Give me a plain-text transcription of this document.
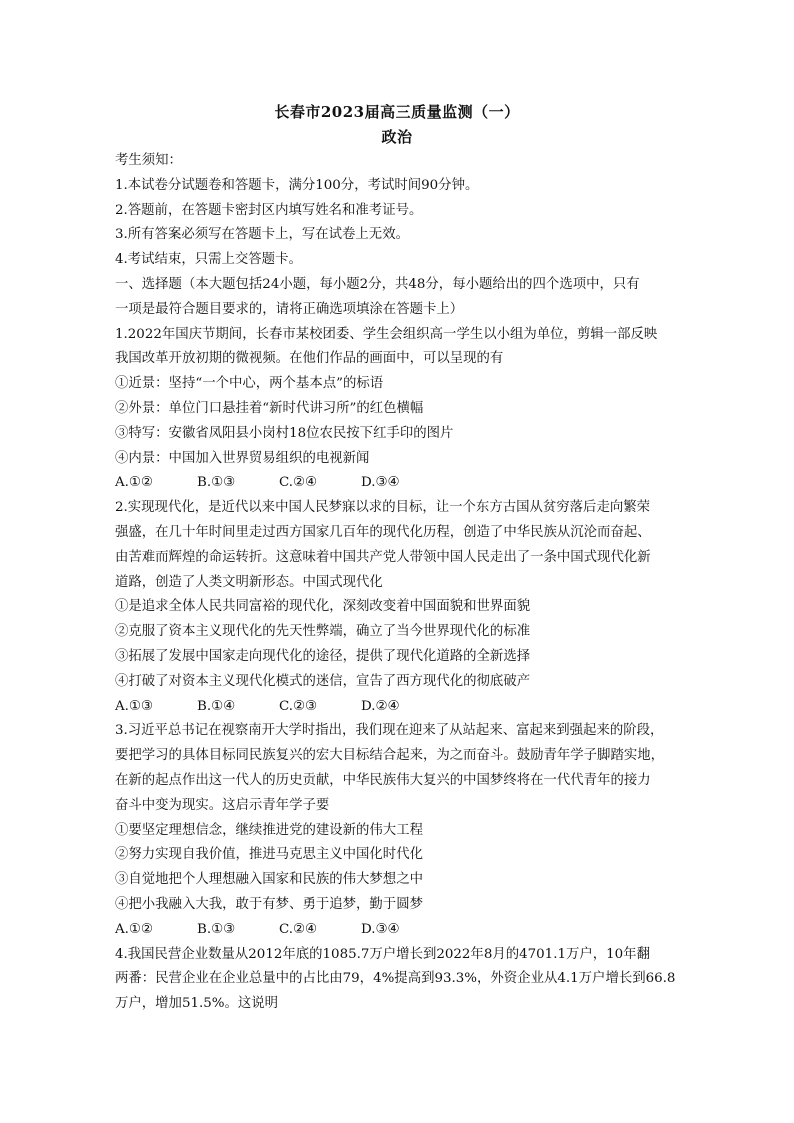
长春市2023届高三质量监测（一）
政治
考生须知：
1.本试卷分试题卷和答题卡，满分100分，考试时间90分钟。
2.答题前，在答题卡密封区内填写姓名和准考证号。
3.所有答案必须写在答题卡上，写在试卷上无效。
4.考试结束，只需上交答题卡。
一、选择题（本大题包括24小题，每小题2分，共48分，每小题给出的四个选项中，只有
一项是最符合题目要求的，请将正确选项填涂在答题卡上）
1.2022年国庆节期间，长春市某校团委、学生会组织高一学生以小组为单位，剪辑一部反映
我国改革开放初期的微视频。在他们作品的画面中，可以呈现的有
①近景：坚持“一个中心，两个基本点”的标语
②外景：单位门口悬挂着“新时代讲习所”的红色横幅
③特写：安徽省凤阳县小岗村18位农民按下红手印的图片
④内景：中国加入世界贸易组织的电视新闻
A.①②	B.①③	C.②④	D.③④
2.实现现代化，是近代以来中国人民梦寐以求的目标，让一个东方古国从贫穷落后走向繁荣
强盛，在几十年时间里走过西方国家几百年的现代化历程，创造了中华民族从沉沦而奋起、
由苦难而辉煌的命运转折。这意味着中国共产党人带领中国人民走出了一条中国式现代化新
道路，创造了人类文明新形态。中国式现代化
①是追求全体人民共同富裕的现代化，深刻改变着中国面貌和世界面貌
②克服了资本主义现代化的先天性弊端，确立了当今世界现代化的标准
③拓展了发展中国家走向现代化的途径，提供了现代化道路的全新选择
④打破了对资本主义现代化模式的迷信，宣告了西方现代化的彻底破产
A.①③	B.①④	C.②③	D.②④
3.习近平总书记在视察南开大学时指出，我们现在迎来了从站起来、富起来到强起来的阶段，
要把学习的具体目标同民族复兴的宏大目标结合起来，为之而奋斗。鼓励青年学子脚踏实地，
在新的起点作出这一代人的历史贡献，中华民族伟大复兴的中国梦终将在一代代青年的接力
奋斗中变为现实。这启示青年学子要
①要坚定理想信念，继续推进党的建设新的伟大工程
②努力实现自我价值，推进马克思主义中国化时代化
③自觉地把个人理想融入国家和民族的伟大梦想之中
④把小我融入大我，敢于有梦、勇于追梦，勤于圆梦
A.①②	B.①③	C.②④	D.③④
4.我国民营企业数量从2012年底的1085.7万户增长到2022年8月的4701.1万户，10年翻
两番：民营企业在企业总量中的占比由79，4%提高到93.3%，外资企业从4.1万户增长到66.8
万户，增加51.5%。这说明
